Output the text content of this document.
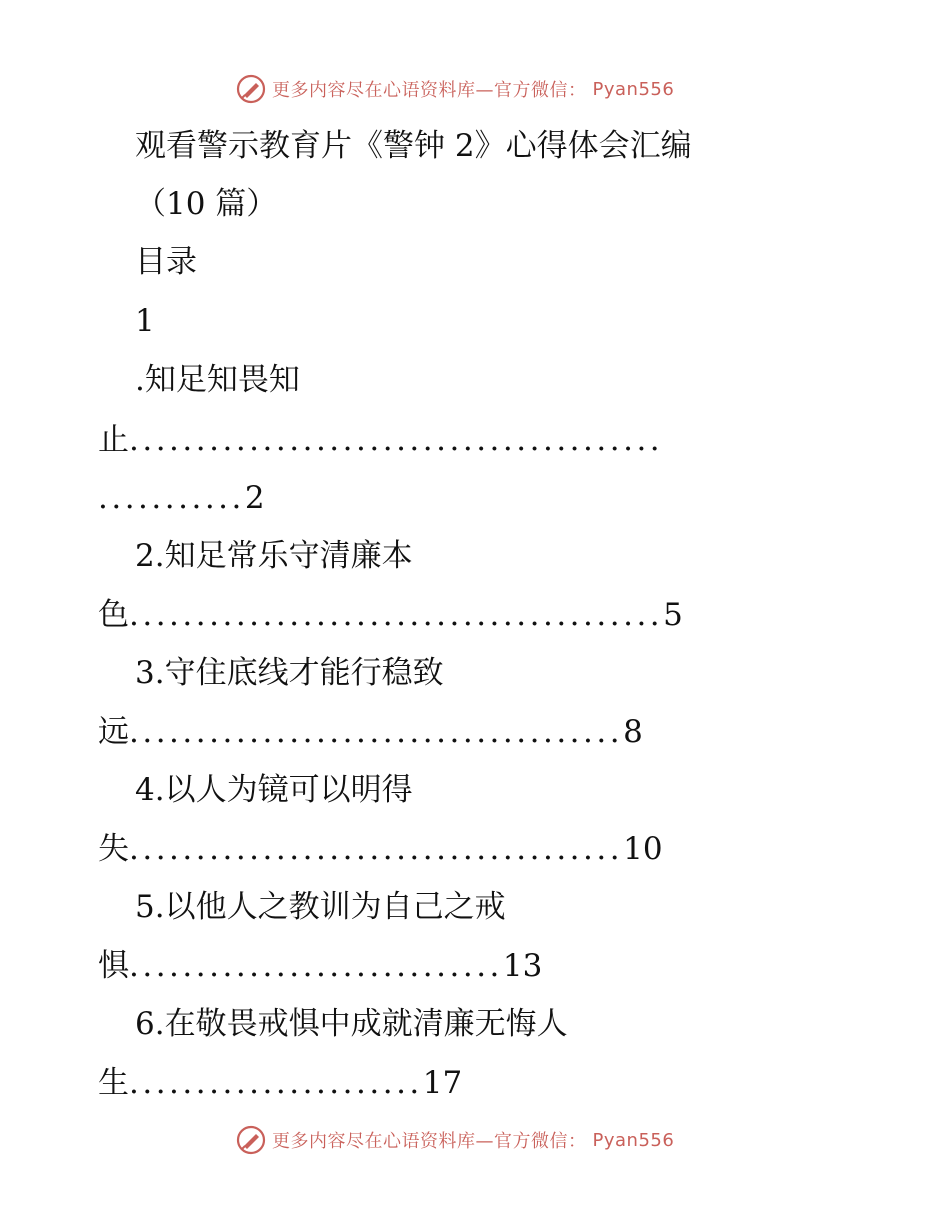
更多内容尽在心语资料库—官方微信： Pyan556
观看警示教育片《警钟 2》心得体会汇编
（10 篇）
目录
1
.知足知畏知
止........................................
...........2
2.知足常乐守清廉本
色........................................5
3.守住底线才能行稳致
远.....................................8
4.以人为镜可以明得
失.....................................10
5.以他人之教训为自己之戒
惧............................13
6.在敬畏戒惧中成就清廉无悔人
生......................17
更多内容尽在心语资料库—官方微信： Pyan556
